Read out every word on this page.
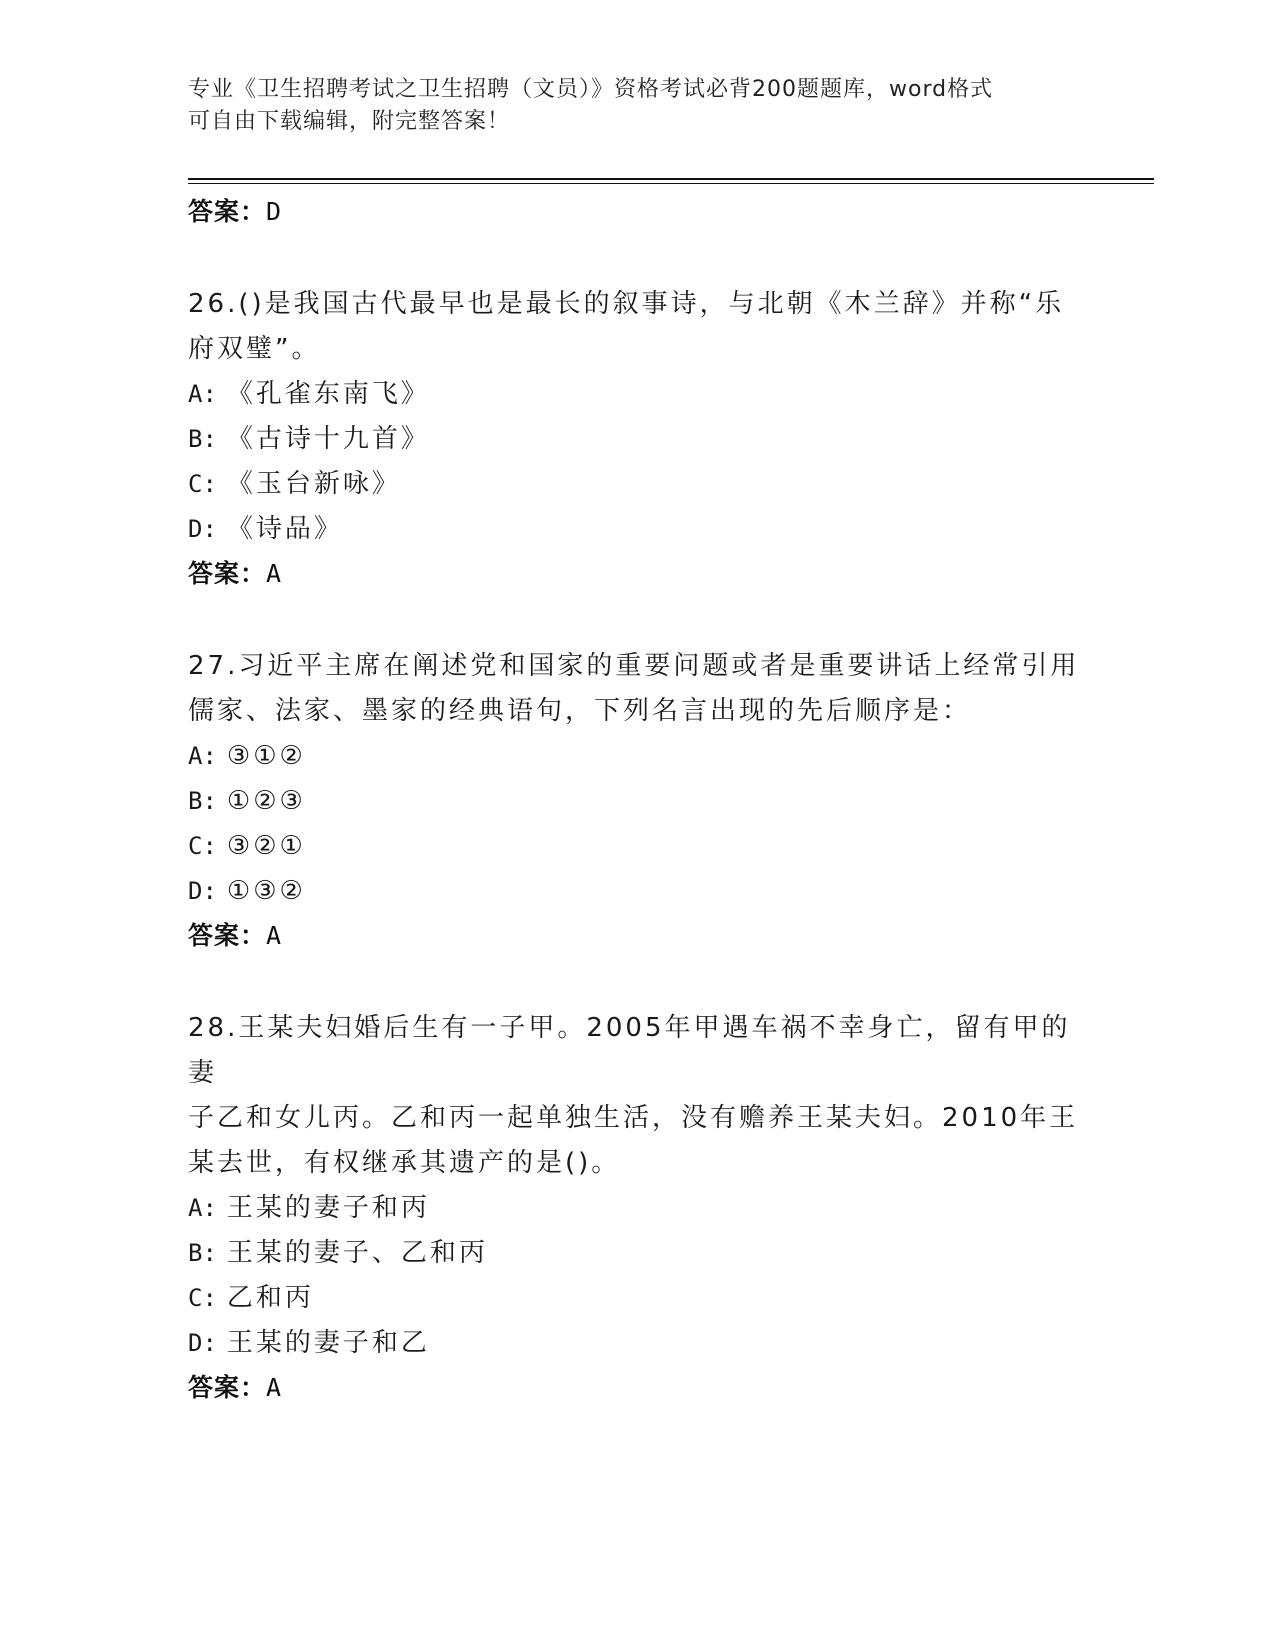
专业《卫生招聘考试之卫生招聘（文员）》资格考试必背200题题库，word格式
可自由下载编辑，附完整答案！
答案：D
26.()是我国古代最早也是最长的叙事诗，与北朝《木兰辞》并称“乐
府双璧”。
A: 《孔雀东南飞》
B: 《古诗十九首》
C: 《玉台新咏》
D: 《诗品》
答案：A
27.习近平主席在阐述党和国家的重要问题或者是重要讲话上经常引用
儒家、法家、墨家的经典语句，下列名言出现的先后顺序是：
A: ③①②
B: ①②③
C: ③②①
D: ①③②
答案：A
28.王某夫妇婚后生有一子甲。2005年甲遇车祸不幸身亡，留有甲的妻
子乙和女儿丙。乙和丙一起单独生活，没有赡养王某夫妇。2010年王
某去世，有权继承其遗产的是()。
A: 王某的妻子和丙
B: 王某的妻子、乙和丙
C: 乙和丙
D: 王某的妻子和乙
答案：A
